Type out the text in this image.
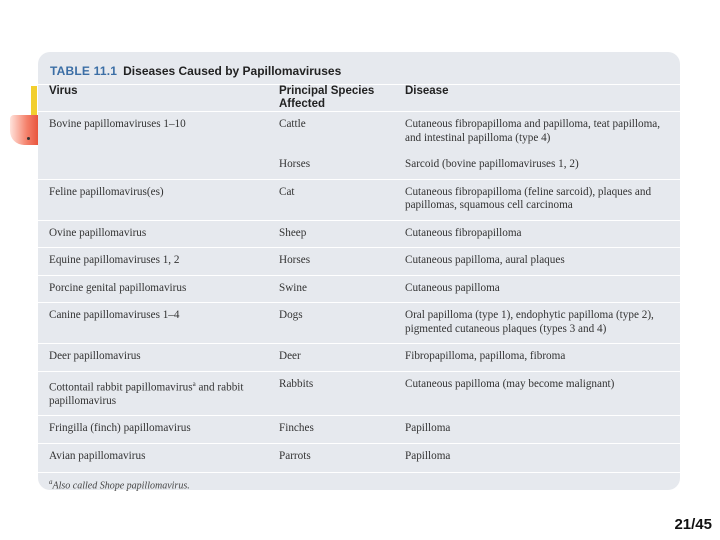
TABLE 11.1 Diseases Caused by Papillomaviruses
Virus	Principal Species Affected	Disease
Bovine papillomaviruses 1–10	Cattle	Cutaneous fibropapilloma and papilloma, teat papilloma, and intestinal papilloma (type 4)
	Horses	Sarcoid (bovine papillomaviruses 1, 2)
Feline papillomavirus(es)	Cat	Cutaneous fibropapilloma (feline sarcoid), plaques and papillomas, squamous cell carcinoma
Ovine papillomavirus	Sheep	Cutaneous fibropapilloma
Equine papillomaviruses 1, 2	Horses	Cutaneous papilloma, aural plaques
Porcine genital papillomavirus	Swine	Cutaneous papilloma
Canine papillomaviruses 1–4	Dogs	Oral papilloma (type 1), endophytic papilloma (type 2), pigmented cutaneous plaques (types 3 and 4)
Deer papillomavirus	Deer	Fibropapilloma, papilloma, fibroma
Cottontail rabbit papillomavirus$^a$ and rabbit papillomavirus	Rabbits	Cutaneous papilloma (may become malignant)
Fringilla (finch) papillomavirus	Finches	Papilloma
Avian papillomavirus	Parrots	Papilloma
$^a$Also called Shope papillomavirus.
21/45
